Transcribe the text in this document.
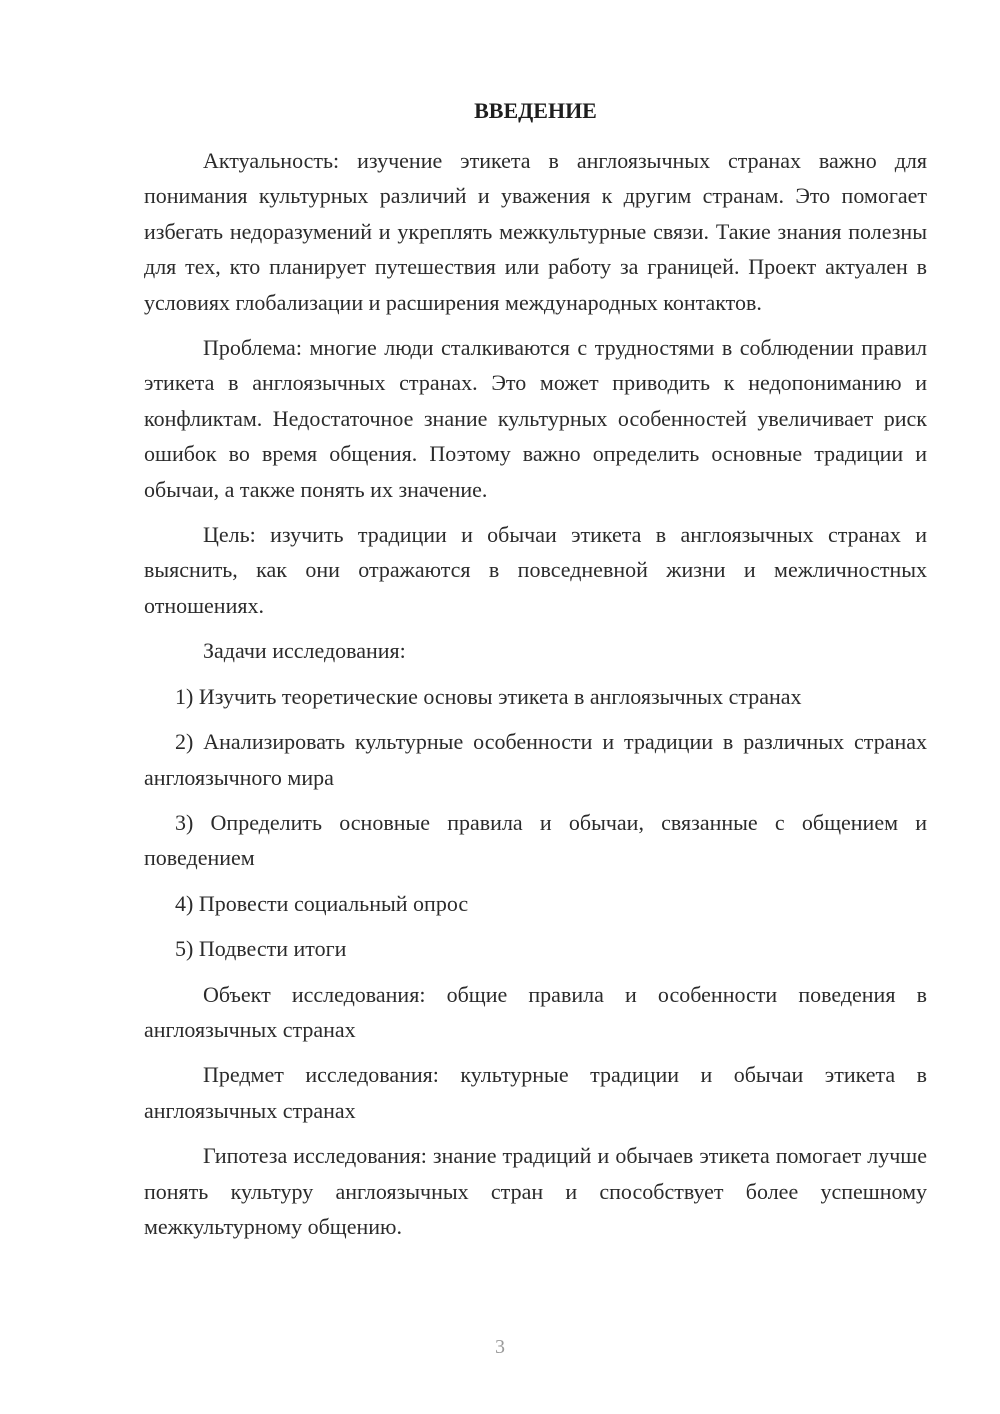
ВВЕДЕНИЕ

Актуальность: изучение этикета в англоязычных странах важно для понимания культурных различий и уважения к другим странам. Это помогает избегать недоразумений и укреплять межкультурные связи. Такие знания полезны для тех, кто планирует путешествия или работу за границей. Проект актуален в условиях глобализации и расширения международных контактов.

Проблема: многие люди сталкиваются с трудностями в соблюдении правил этикета в англоязычных странах. Это может приводить к недопониманию и конфликтам. Недостаточное знание культурных особенностей увеличивает риск ошибок во время общения. Поэтому важно определить основные традиции и обычаи, а также понять их значение.

Цель: изучить традиции и обычаи этикета в англоязычных странах и выяснить, как они отражаются в повседневной жизни и межличностных отношениях.

Задачи исследования:

1) Изучить теоретические основы этикета в англоязычных странах

2) Анализировать культурные особенности и традиции в различных странах англоязычного мира

3) Определить основные правила и обычаи, связанные с общением и поведением

4) Провести социальный опрос

5) Подвести итоги

Объект исследования: общие правила и особенности поведения в англоязычных странах

Предмет исследования: культурные традиции и обычаи этикета в англоязычных странах

Гипотеза исследования: знание традиций и обычаев этикета помогает лучше понять культуру англоязычных стран и способствует более успешному межкультурному общению.

3
